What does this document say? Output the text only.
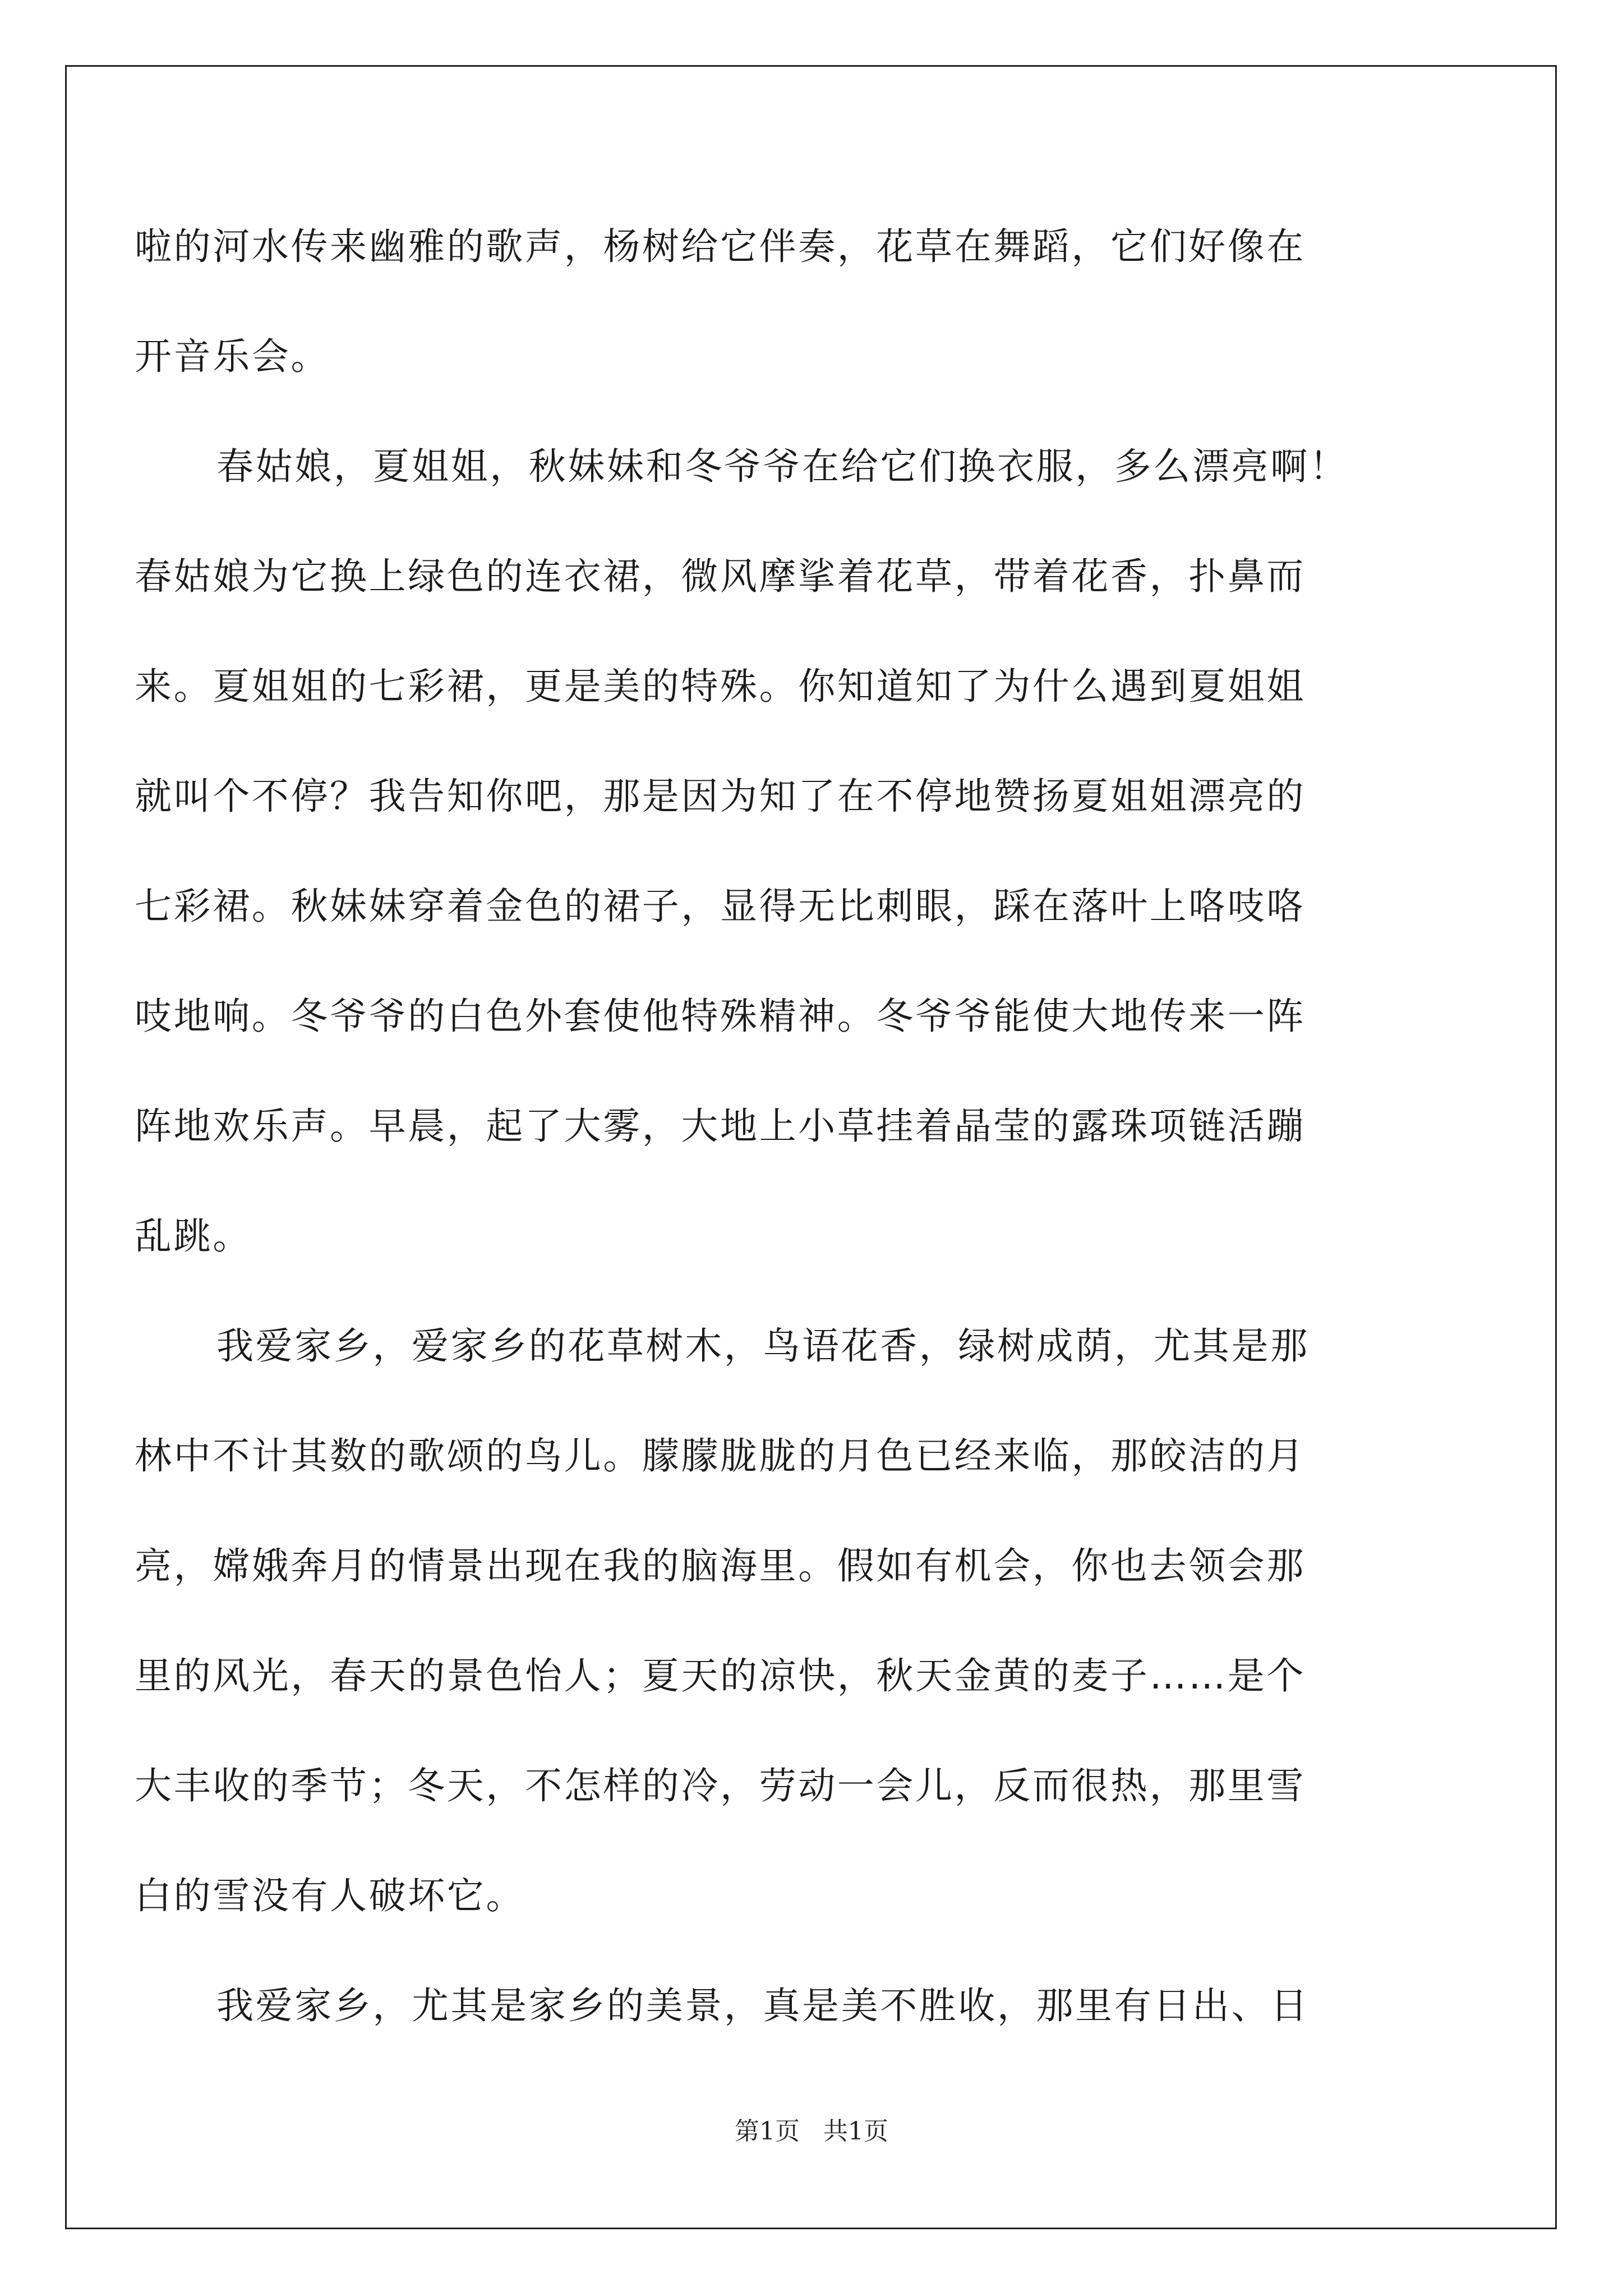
啦的河水传来幽雅的歌声，杨树给它伴奏，花草在舞蹈，它们好像在
开音乐会。
春姑娘，夏姐姐，秋妹妹和冬爷爷在给它们换衣服，多么漂亮啊！
春姑娘为它换上绿色的连衣裙，微风摩挲着花草，带着花香，扑鼻而
来。夏姐姐的七彩裙，更是美的特殊。你知道知了为什么遇到夏姐姐
就叫个不停？我告知你吧，那是因为知了在不停地赞扬夏姐姐漂亮的
七彩裙。秋妹妹穿着金色的裙子，显得无比刺眼，踩在落叶上咯吱咯
吱地响。冬爷爷的白色外套使他特殊精神。冬爷爷能使大地传来一阵
阵地欢乐声。早晨，起了大雾，大地上小草挂着晶莹的露珠项链活蹦
乱跳。
我爱家乡，爱家乡的花草树木，鸟语花香，绿树成荫，尤其是那
林中不计其数的歌颂的鸟儿。朦朦胧胧的月色已经来临，那皎洁的月
亮，嫦娥奔月的情景出现在我的脑海里。假如有机会，你也去领会那
里的风光，春天的景色怡人；夏天的凉快，秋天金黄的麦子……是个
大丰收的季节；冬天，不怎样的冷，劳动一会儿，反而很热，那里雪
白的雪没有人破坏它。
我爱家乡，尤其是家乡的美景，真是美不胜收，那里有日出、日
第1页   共1页
